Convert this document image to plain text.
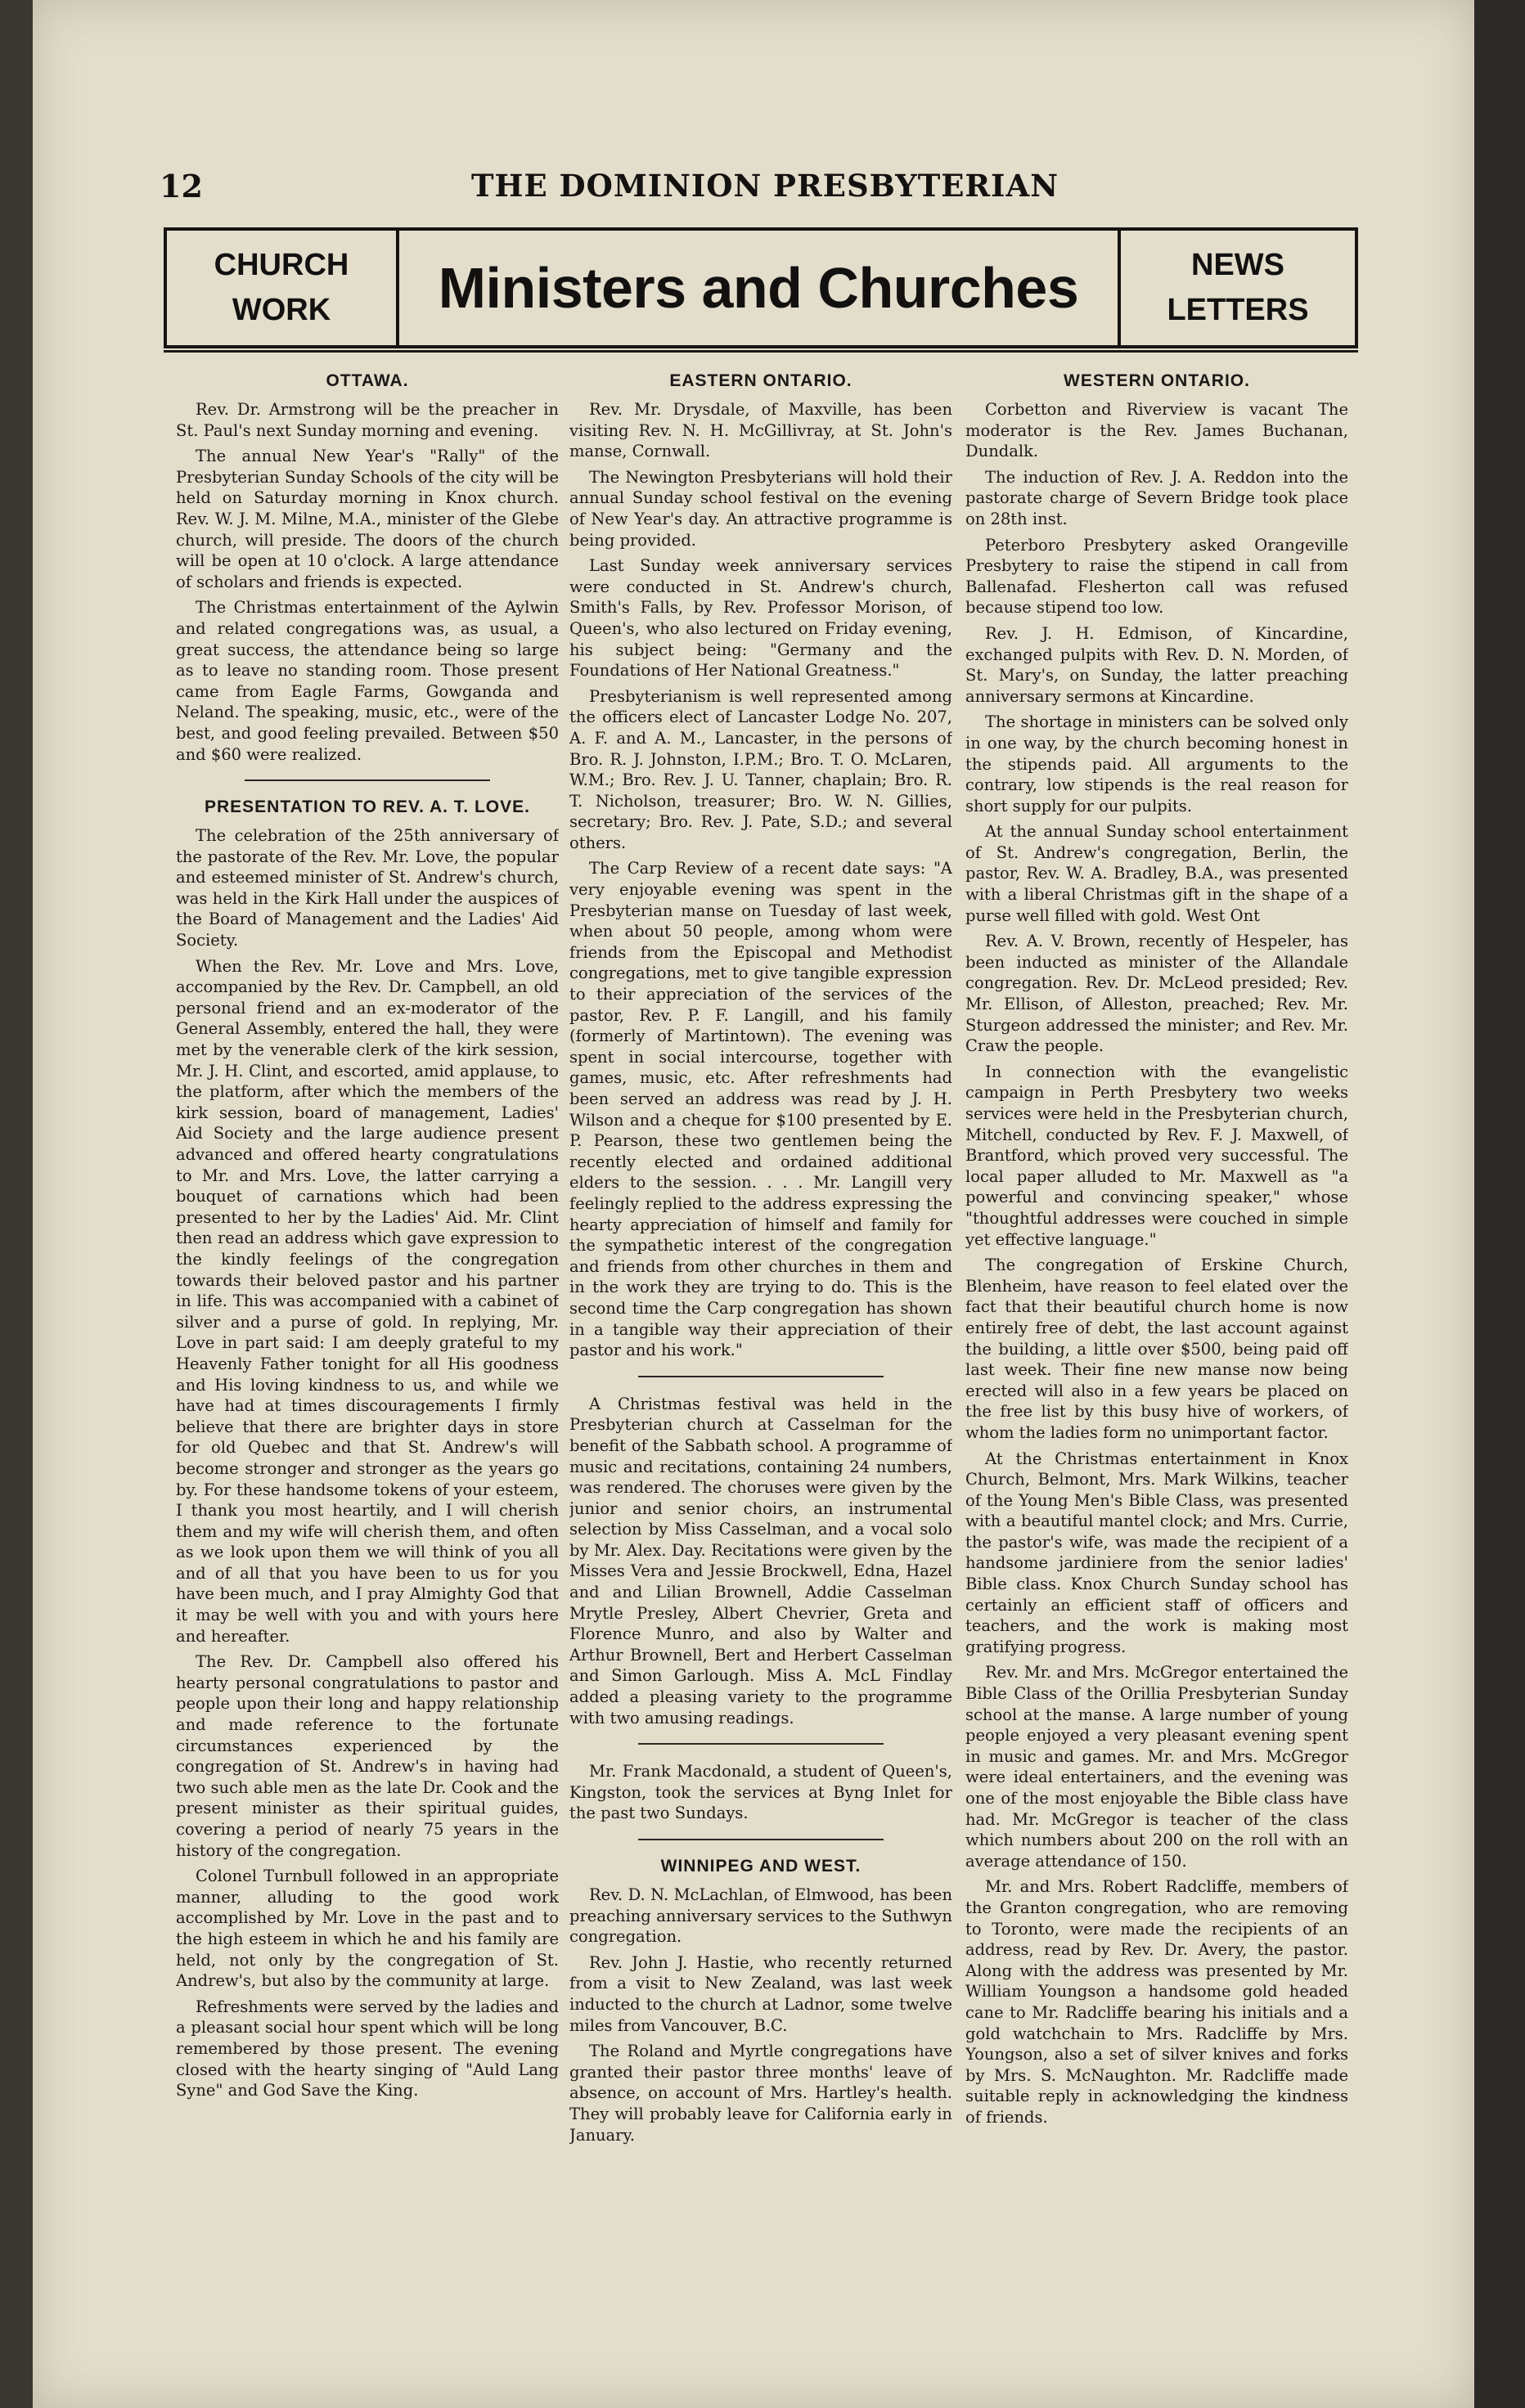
12	THE DOMINION PRESBYTERIAN
CHURCH
WORK	Ministers and Churches	NEWS
LETTERS
OTTAWA.

Rev. Dr. Armstrong will be the preacher in St. Paul's next Sunday morning and evening.

The annual New Year's "Rally" of the Presbyterian Sunday Schools of the city will be held on Saturday morning in Knox church. Rev. W. J. M. Milne, M.A., minister of the Glebe church, will preside. The doors of the church will be open at 10 o'clock. A large attendance of scholars and friends is expected.

The Christmas entertainment of the Aylwin and related congregations was, as usual, a great success, the attendance being so large as to leave no standing room. Those present came from Eagle Farms, Gowganda and Neland. The speaking, music, etc., were of the best, and good feeling prevailed. Between $50 and $60 were realized.

PRESENTATION TO REV. A. T. LOVE.

The celebration of the 25th anniversary of the pastorate of the Rev. Mr. Love, the popular and esteemed minister of St. Andrew's church, was held in the Kirk Hall under the auspices of the Board of Management and the Ladies' Aid Society.

When the Rev. Mr. Love and Mrs. Love, accompanied by the Rev. Dr. Campbell, an old personal friend and an ex-moderator of the General Assembly, entered the hall, they were met by the venerable clerk of the kirk session, Mr. J. H. Clint, and escorted, amid applause, to the platform, after which the members of the kirk session, board of management, Ladies' Aid Society and the large audience present advanced and offered hearty congratulations to Mr. and Mrs. Love, the latter carrying a bouquet of carnations which had been presented to her by the Ladies' Aid. Mr. Clint then read an address which gave expression to the kindly feelings of the congregation towards their beloved pastor and his partner in life. This was accompanied with a cabinet of silver and a purse of gold. In replying, Mr. Love in part said: I am deeply grateful to my Heavenly Father tonight for all His goodness and His loving kindness to us, and while we have had at times discouragements I firmly believe that there are brighter days in store for old Quebec and that St. Andrew's will become stronger and stronger as the years go by. For these handsome tokens of your esteem, I thank you most heartily, and I will cherish them and my wife will cherish them, and often as we look upon them we will think of you all and of all that you have been to us for you have been much, and I pray Almighty God that it may be well with you and with yours here and hereafter.

The Rev. Dr. Campbell also offered his hearty personal congratulations to pastor and people upon their long and happy relationship and made reference to the fortunate circumstances experienced by the congregation of St. Andrew's in having had two such able men as the late Dr. Cook and the present minister as their spiritual guides, covering a period of nearly 75 years in the history of the congregation.

Colonel Turnbull followed in an appropriate manner, alluding to the good work accomplished by Mr. Love in the past and to the high esteem in which he and his family are held, not only by the congregation of St. Andrew's, but also by the community at large.

Refreshments were served by the ladies and a pleasant social hour spent which will be long remembered by those present. The evening closed with the hearty singing of "Auld Lang Syne" and God Save the King.

EASTERN ONTARIO.

Rev. Mr. Drysdale, of Maxville, has been visiting Rev. N. H. McGillivray, at St. John's manse, Cornwall.

The Newington Presbyterians will hold their annual Sunday school festival on the evening of New Year's day. An attractive programme is being provided.

Last Sunday week anniversary services were conducted in St. Andrew's church, Smith's Falls, by Rev. Professor Morison, of Queen's, who also lectured on Friday evening, his subject being: "Germany and the Foundations of Her National Greatness."

Presbyterianism is well represented among the officers elect of Lancaster Lodge No. 207, A. F. and A. M., Lancaster, in the persons of Bro. R. J. Johnston, I.P.M.; Bro. T. O. McLaren, W.M.; Bro. Rev. J. U. Tanner, chaplain; Bro. R. T. Nicholson, treasurer; Bro. W. N. Gillies, secretary; Bro. Rev. J. Pate, S.D.; and several others.

The Carp Review of a recent date says: "A very enjoyable evening was spent in the Presbyterian manse on Tuesday of last week, when about 50 people, among whom were friends from the Episcopal and Methodist congregations, met to give tangible expression to their appreciation of the services of the pastor, Rev. P. F. Langill, and his family (formerly of Martintown). The evening was spent in social intercourse, together with games, music, etc. After refreshments had been served an address was read by J. H. Wilson and a cheque for $100 presented by E. P. Pearson, these two gentlemen being the recently elected and ordained additional elders to the session. . . . Mr. Langill very feelingly replied to the address expressing the hearty appreciation of himself and family for the sympathetic interest of the congregation and friends from other churches in them and in the work they are trying to do. This is the second time the Carp congregation has shown in a tangible way their appreciation of their pastor and his work."

A Christmas festival was held in the Presbyterian church at Casselman for the benefit of the Sabbath school. A programme of music and recitations, containing 24 numbers, was rendered. The choruses were given by the junior and senior choirs, an instrumental selection by Miss Casselman, and a vocal solo by Mr. Alex. Day. Recitations were given by the Misses Vera and Jessie Brockwell, Edna, Hazel and and Lilian Brownell, Addie Casselman Mrytle Presley, Albert Chevrier, Greta and Florence Munro, and also by Walter and Arthur Brownell, Bert and Herbert Casselman and Simon Garlough. Miss A. McL Findlay added a pleasing variety to the programme with two amusing readings.

Mr. Frank Macdonald, a student of Queen's, Kingston, took the services at Byng Inlet for the past two Sundays.

WINNIPEG AND WEST.

Rev. D. N. McLachlan, of Elmwood, has been preaching anniversary services to the Suthwyn congregation.

Rev. John J. Hastie, who recently returned from a visit to New Zealand, was last week inducted to the church at Ladnor, some twelve miles from Vancouver, B.C.

The Roland and Myrtle congregations have granted their pastor three months' leave of absence, on account of Mrs. Hartley's health. They will probably leave for California early in January.

WESTERN ONTARIO.

Corbetton and Riverview is vacant The moderator is the Rev. James Buchanan, Dundalk.

The induction of Rev. J. A. Reddon into the pastorate charge of Severn Bridge took place on 28th inst.

Peterboro Presbytery asked Orangeville Presbytery to raise the stipend in call from Ballenafad. Flesherton call was refused because stipend too low.

Rev. J. H. Edmison, of Kincardine, exchanged pulpits with Rev. D. N. Morden, of St. Mary's, on Sunday, the latter preaching anniversary sermons at Kincardine.

The shortage in ministers can be solved only in one way, by the church becoming honest in the stipends paid. All arguments to the contrary, low stipends is the real reason for short supply for our pulpits.

At the annual Sunday school entertainment of St. Andrew's congregation, Berlin, the pastor, Rev. W. A. Bradley, B.A., was presented with a liberal Christmas gift in the shape of a purse well filled with gold. West Ont

Rev. A. V. Brown, recently of Hespeler, has been inducted as minister of the Allandale congregation. Rev. Dr. McLeod presided; Rev. Mr. Ellison, of Alleston, preached; Rev. Mr. Sturgeon addressed the minister; and Rev. Mr. Craw the people.

In connection with the evangelistic campaign in Perth Presbytery two weeks services were held in the Presbyterian church, Mitchell, conducted by Rev. F. J. Maxwell, of Brantford, which proved very successful. The local paper alluded to Mr. Maxwell as "a powerful and convincing speaker," whose "thoughtful addresses were couched in simple yet effective language."

The congregation of Erskine Church, Blenheim, have reason to feel elated over the fact that their beautiful church home is now entirely free of debt, the last account against the building, a little over $500, being paid off last week. Their fine new manse now being erected will also in a few years be placed on the free list by this busy hive of workers, of whom the ladies form no unimportant factor.

At the Christmas entertainment in Knox Church, Belmont, Mrs. Mark Wilkins, teacher of the Young Men's Bible Class, was presented with a beautiful mantel clock; and Mrs. Currie, the pastor's wife, was made the recipient of a handsome jardiniere from the senior ladies' Bible class. Knox Church Sunday school has certainly an efficient staff of officers and teachers, and the work is making most gratifying progress.

Rev. Mr. and Mrs. McGregor entertained the Bible Class of the Orillia Presbyterian Sunday school at the manse. A large number of young people enjoyed a very pleasant evening spent in music and games. Mr. and Mrs. McGregor were ideal entertainers, and the evening was one of the most enjoyable the Bible class have had. Mr. McGregor is teacher of the class which numbers about 200 on the roll with an average attendance of 150.

Mr. and Mrs. Robert Radcliffe, members of the Granton congregation, who are removing to Toronto, were made the recipients of an address, read by Rev. Dr. Avery, the pastor. Along with the address was presented by Mr. William Youngson a handsome gold headed cane to Mr. Radcliffe bearing his initials and a gold watchchain to Mrs. Radcliffe by Mrs. Youngson, also a set of silver knives and forks by Mrs. S. McNaughton. Mr. Radcliffe made suitable reply in acknowledging the kindness of friends.
